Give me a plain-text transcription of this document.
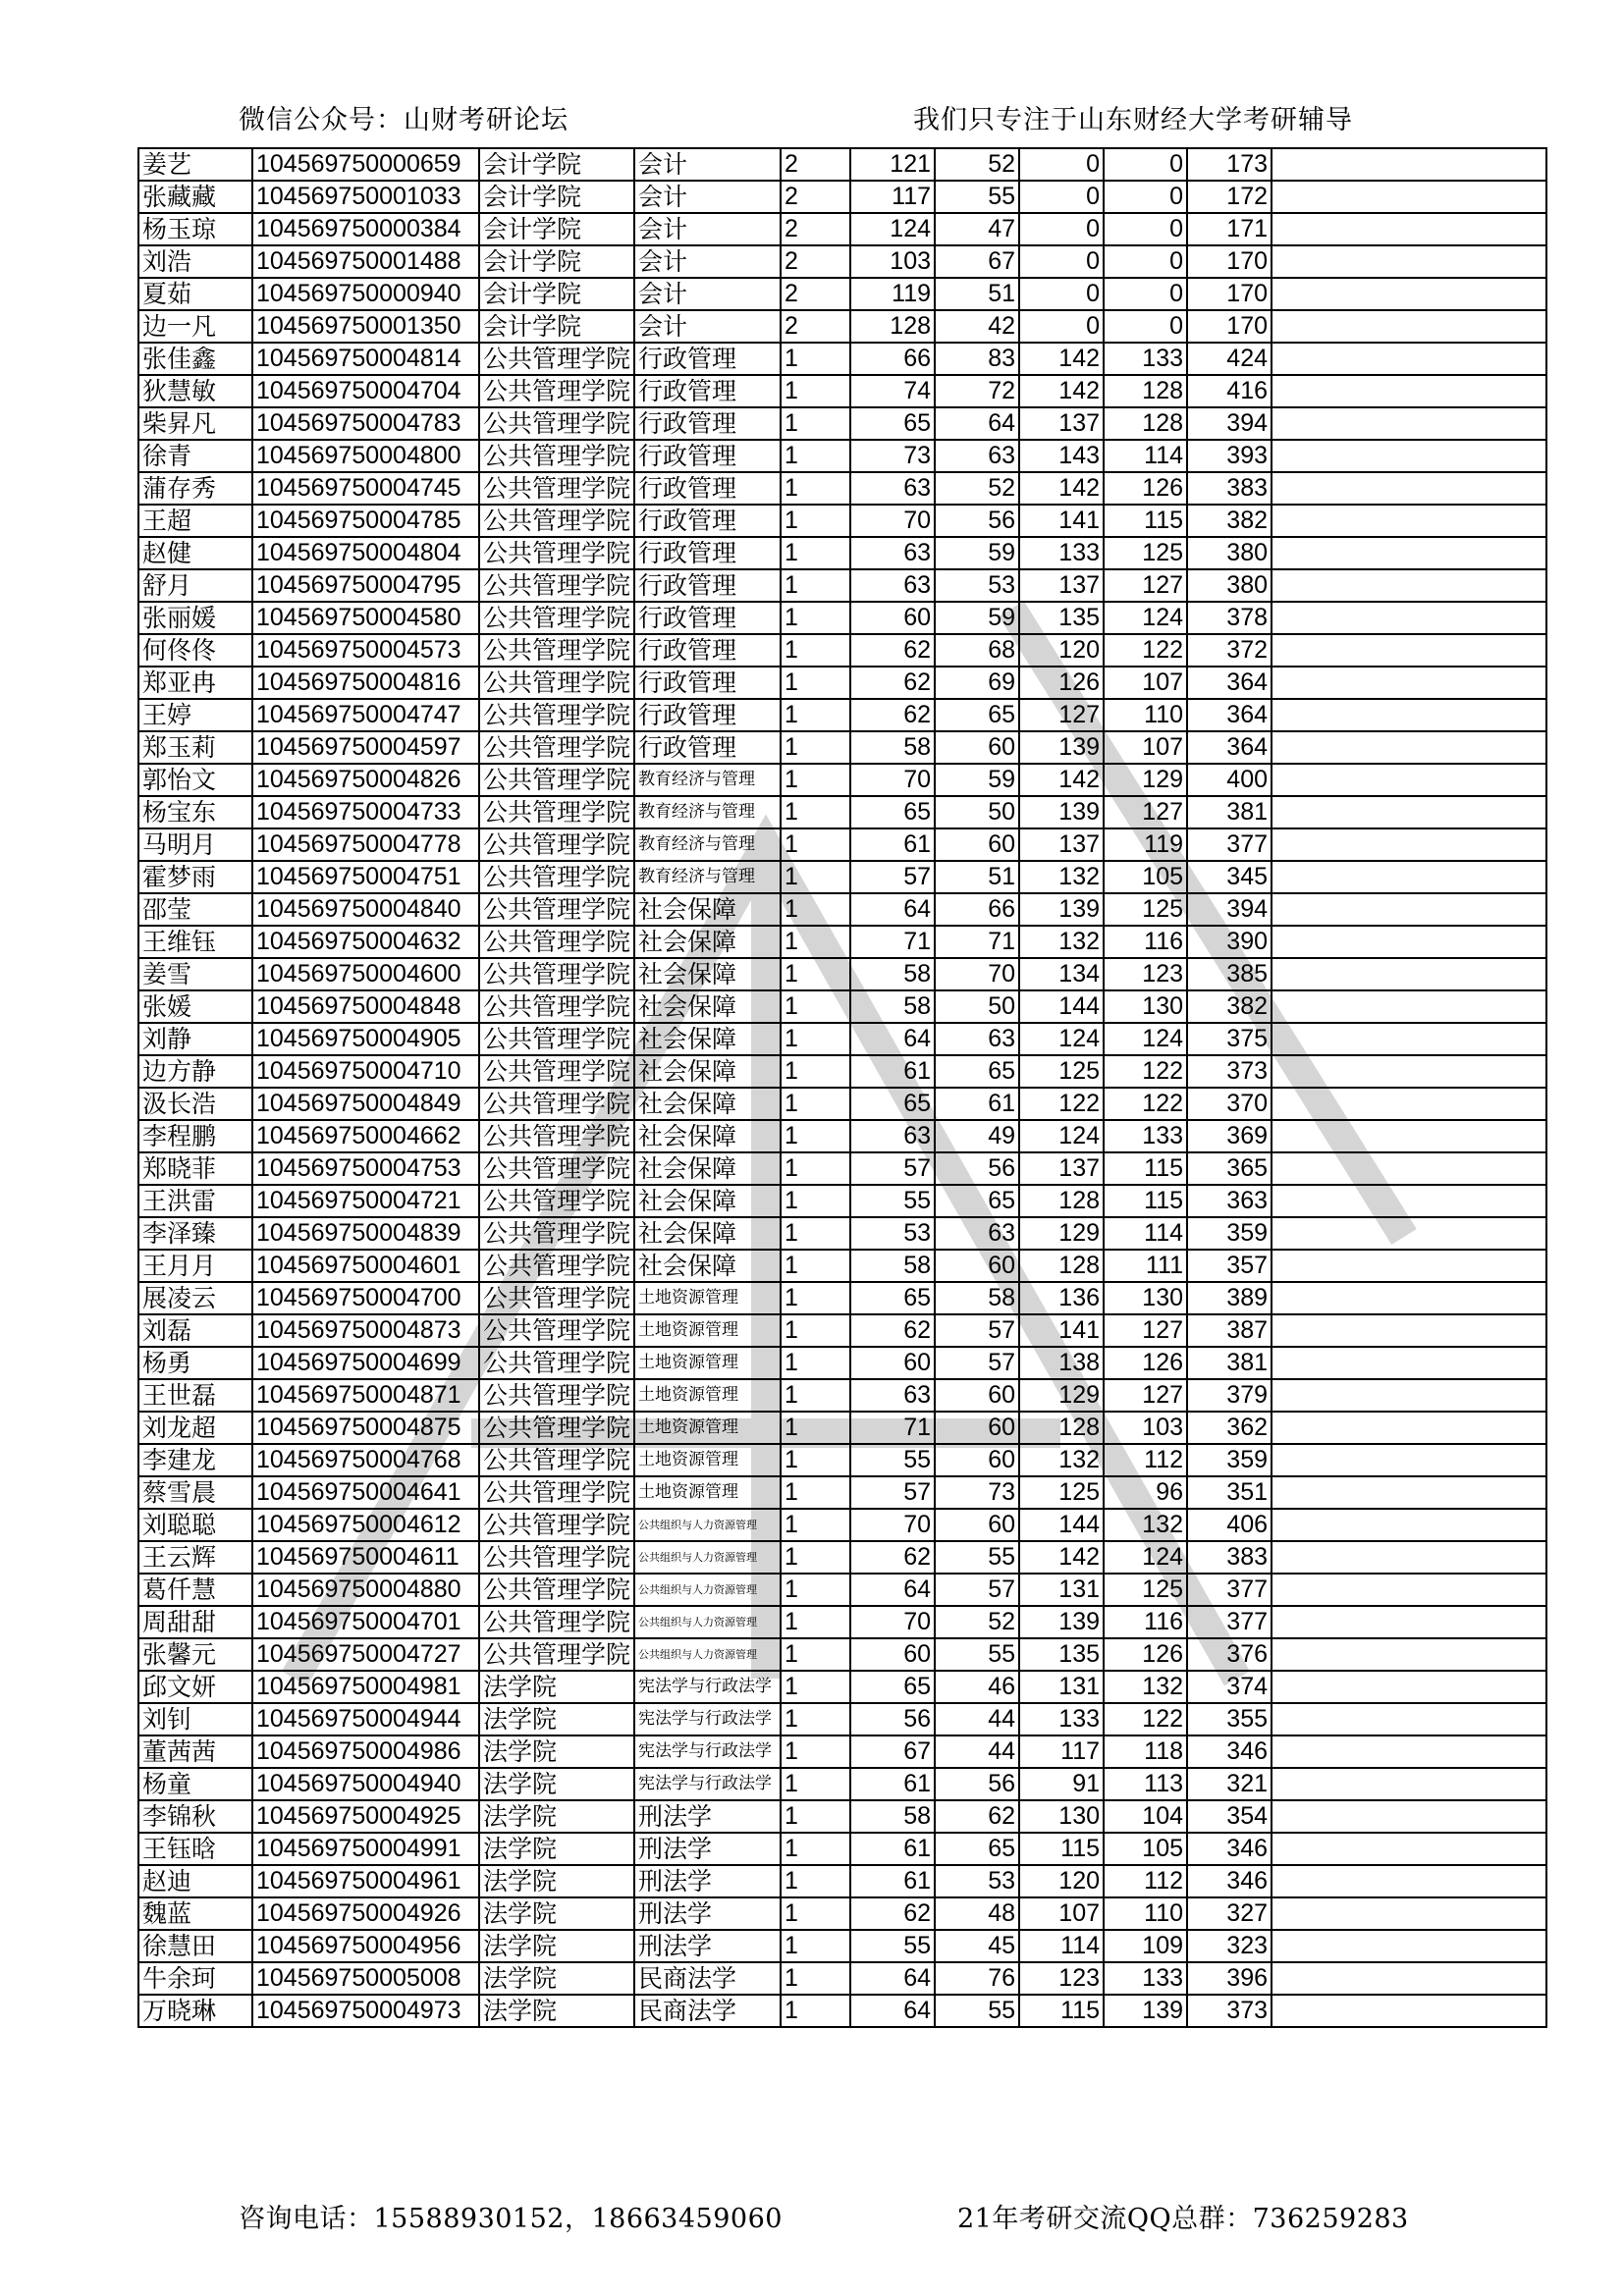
微信公众号：山财考研论坛	我们只专注于山东财经大学考研辅导
姜艺	104569750000659	会计学院	会计	2	121	52	0	0	173	
张藏藏	104569750001033	会计学院	会计	2	117	55	0	0	172	
杨玉琼	104569750000384	会计学院	会计	2	124	47	0	0	171	
刘浩	104569750001488	会计学院	会计	2	103	67	0	0	170	
夏茹	104569750000940	会计学院	会计	2	119	51	0	0	170	
边一凡	104569750001350	会计学院	会计	2	128	42	0	0	170	
张佳鑫	104569750004814	公共管理学院	行政管理	1	66	83	142	133	424	
狄慧敏	104569750004704	公共管理学院	行政管理	1	74	72	142	128	416	
柴昇凡	104569750004783	公共管理学院	行政管理	1	65	64	137	128	394	
徐青	104569750004800	公共管理学院	行政管理	1	73	63	143	114	393	
蒲存秀	104569750004745	公共管理学院	行政管理	1	63	52	142	126	383	
王超	104569750004785	公共管理学院	行政管理	1	70	56	141	115	382	
赵健	104569750004804	公共管理学院	行政管理	1	63	59	133	125	380	
舒月	104569750004795	公共管理学院	行政管理	1	63	53	137	127	380	
张丽媛	104569750004580	公共管理学院	行政管理	1	60	59	135	124	378	
何佟佟	104569750004573	公共管理学院	行政管理	1	62	68	120	122	372	
郑亚冉	104569750004816	公共管理学院	行政管理	1	62	69	126	107	364	
王婷	104569750004747	公共管理学院	行政管理	1	62	65	127	110	364	
郑玉莉	104569750004597	公共管理学院	行政管理	1	58	60	139	107	364	
郭怡文	104569750004826	公共管理学院	教育经济与管理	1	70	59	142	129	400	
杨宝东	104569750004733	公共管理学院	教育经济与管理	1	65	50	139	127	381	
马明月	104569750004778	公共管理学院	教育经济与管理	1	61	60	137	119	377	
霍梦雨	104569750004751	公共管理学院	教育经济与管理	1	57	51	132	105	345	
邵莹	104569750004840	公共管理学院	社会保障	1	64	66	139	125	394	
王维钰	104569750004632	公共管理学院	社会保障	1	71	71	132	116	390	
姜雪	104569750004600	公共管理学院	社会保障	1	58	70	134	123	385	
张媛	104569750004848	公共管理学院	社会保障	1	58	50	144	130	382	
刘静	104569750004905	公共管理学院	社会保障	1	64	63	124	124	375	
边方静	104569750004710	公共管理学院	社会保障	1	61	65	125	122	373	
汲长浩	104569750004849	公共管理学院	社会保障	1	65	61	122	122	370	
李程鹏	104569750004662	公共管理学院	社会保障	1	63	49	124	133	369	
郑晓菲	104569750004753	公共管理学院	社会保障	1	57	56	137	115	365	
王洪雷	104569750004721	公共管理学院	社会保障	1	55	65	128	115	363	
李泽臻	104569750004839	公共管理学院	社会保障	1	53	63	129	114	359	
王月月	104569750004601	公共管理学院	社会保障	1	58	60	128	111	357	
展凌云	104569750004700	公共管理学院	土地资源管理	1	65	58	136	130	389	
刘磊	104569750004873	公共管理学院	土地资源管理	1	62	57	141	127	387	
杨勇	104569750004699	公共管理学院	土地资源管理	1	60	57	138	126	381	
王世磊	104569750004871	公共管理学院	土地资源管理	1	63	60	129	127	379	
刘龙超	104569750004875	公共管理学院	土地资源管理	1	71	60	128	103	362	
李建龙	104569750004768	公共管理学院	土地资源管理	1	55	60	132	112	359	
蔡雪晨	104569750004641	公共管理学院	土地资源管理	1	57	73	125	96	351	
刘聪聪	104569750004612	公共管理学院	公共组织与人力资源管理	1	70	60	144	132	406	
王云辉	104569750004611	公共管理学院	公共组织与人力资源管理	1	62	55	142	124	383	
葛仟慧	104569750004880	公共管理学院	公共组织与人力资源管理	1	64	57	131	125	377	
周甜甜	104569750004701	公共管理学院	公共组织与人力资源管理	1	70	52	139	116	377	
张馨元	104569750004727	公共管理学院	公共组织与人力资源管理	1	60	55	135	126	376	
邱文妍	104569750004981	法学院	宪法学与行政法学	1	65	46	131	132	374	
刘钊	104569750004944	法学院	宪法学与行政法学	1	56	44	133	122	355	
董茜茜	104569750004986	法学院	宪法学与行政法学	1	67	44	117	118	346	
杨童	104569750004940	法学院	宪法学与行政法学	1	61	56	91	113	321	
李锦秋	104569750004925	法学院	刑法学	1	58	62	130	104	354	
王钰晗	104569750004991	法学院	刑法学	1	61	65	115	105	346	
赵迪	104569750004961	法学院	刑法学	1	61	53	120	112	346	
魏蓝	104569750004926	法学院	刑法学	1	62	48	107	110	327	
徐慧田	104569750004956	法学院	刑法学	1	55	45	114	109	323	
牛余珂	104569750005008	法学院	民商法学	1	64	76	123	133	396	
万晓琳	104569750004973	法学院	民商法学	1	64	55	115	139	373	
咨询电话：15588930152，18663459060	21年考研交流QQ总群：736259283
